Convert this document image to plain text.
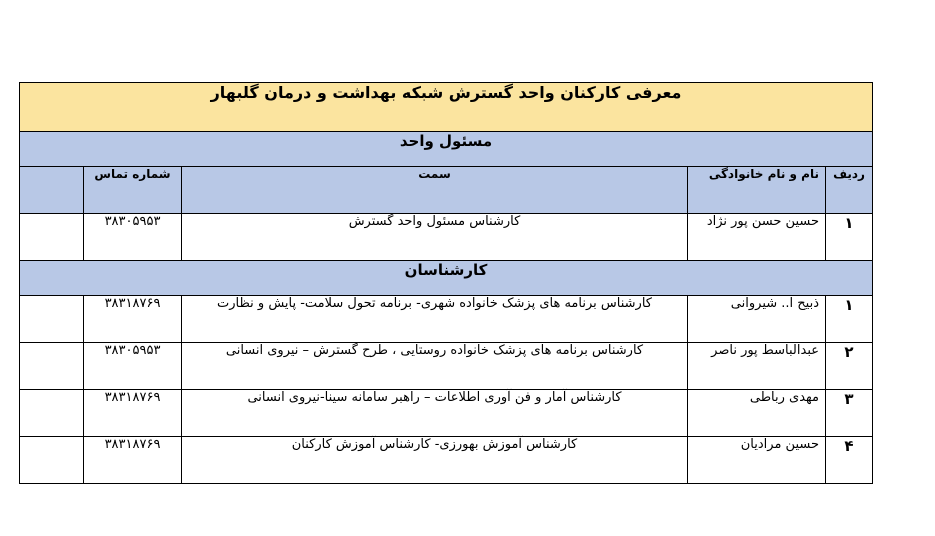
معرفی کارکنان واحد گسترش شبکه بهداشت و درمان گلبهار				
مسئول واحد				
ردیف	نام و نام خانوادگی	سمت	شماره تماس	
۱	حسین حسن پور نژاد	کارشناس مسئول واحد گسترش	۳۸۳۰۵۹۵۳	
کارشناسان				
۱	ذبیح ا.. شیروانی	کارشناس برنامه های پزشک خانواده شهری- برنامه تحول سلامت- پایش و نظارت	۳۸۳۱۸۷۶۹	
۲	عبدالباسط پور ناصر	کارشناس برنامه های پزشک خانواده روستایی ، طرح گسترش – نیروی انسانی	۳۸۳۰۵۹۵۳	
۳	مهدی رباطی	کارشناس آمار و فن آوری اطلاعات – راهبر سامانه سینا-نیروی انسانی	۳۸۳۱۸۷۶۹	
۴	حسین مرادیان	کارشناس آموزش بهورزی- کارشناس آموزش کارکنان	۳۸۳۱۸۷۶۹	
